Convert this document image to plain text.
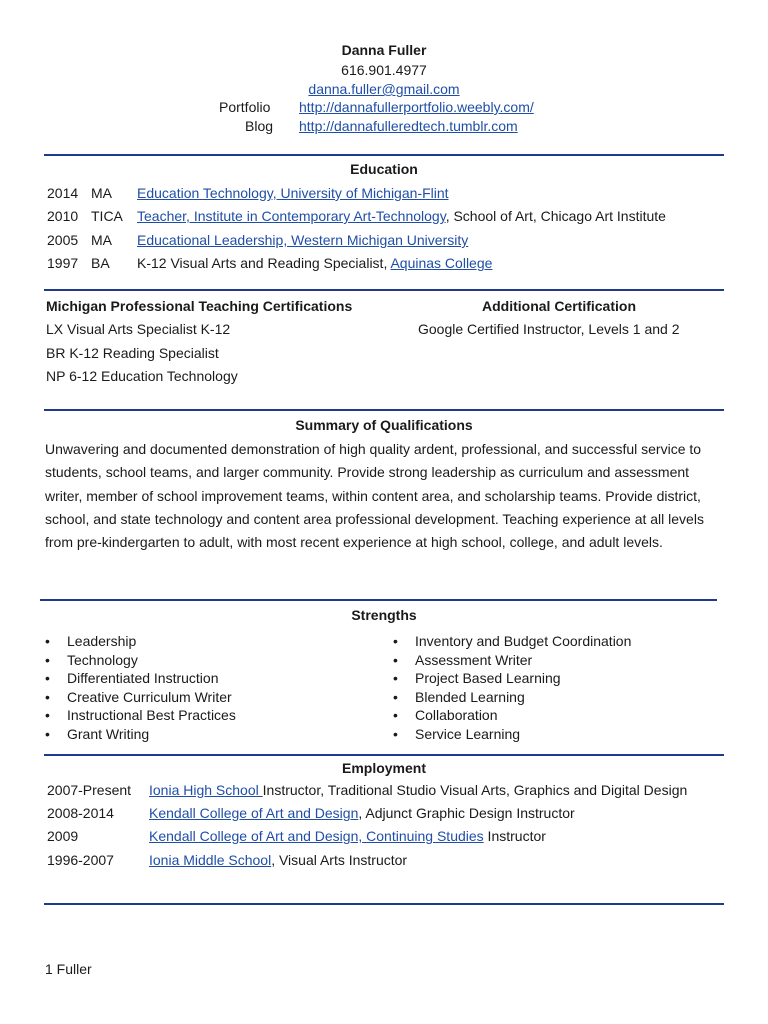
Danna Fuller
616.901.4977
danna.fuller@gmail.com
Portfolio http://dannafullerportfolio.weebly.com/
Blog http://dannafulleredtech.tumblr.com
Education
2014 MA Education Technology, University of Michigan-Flint
2010 TICA Teacher, Institute in Contemporary Art-Technology, School of Art, Chicago Art Institute
2005 MA Educational Leadership, Western Michigan University
1997 BA K-12 Visual Arts and Reading Specialist, Aquinas College
Michigan Professional Teaching Certifications
LX Visual Arts Specialist K-12
BR K-12 Reading Specialist
NP 6-12 Education Technology
Additional Certification
Google Certified Instructor, Levels 1 and 2
Summary of Qualifications
Unwavering and documented demonstration of high quality ardent, professional, and successful service to students, school teams, and larger community. Provide strong leadership as curriculum and assessment writer, member of school improvement teams, within content area, and scholarship teams. Provide district, school, and state technology and content area professional development. Teaching experience at all levels from pre-kindergarten to adult, with most recent experience at high school, college, and adult levels.
Strengths
• Leadership
• Technology
• Differentiated Instruction
• Creative Curriculum Writer
• Instructional Best Practices
• Grant Writing
• Inventory and Budget Coordination
• Assessment Writer
• Project Based Learning
• Blended Learning
• Collaboration
• Service Learning
Employment
2007-Present Ionia High School Instructor, Traditional Studio Visual Arts, Graphics and Digital Design
2008-2014	Kendall College of Art and Design, Adjunct Graphic Design Instructor
2009	Kendall College of Art and Design, Continuing Studies Instructor
1996-2007	Ionia Middle School, Visual Arts Instructor
1 Fuller
